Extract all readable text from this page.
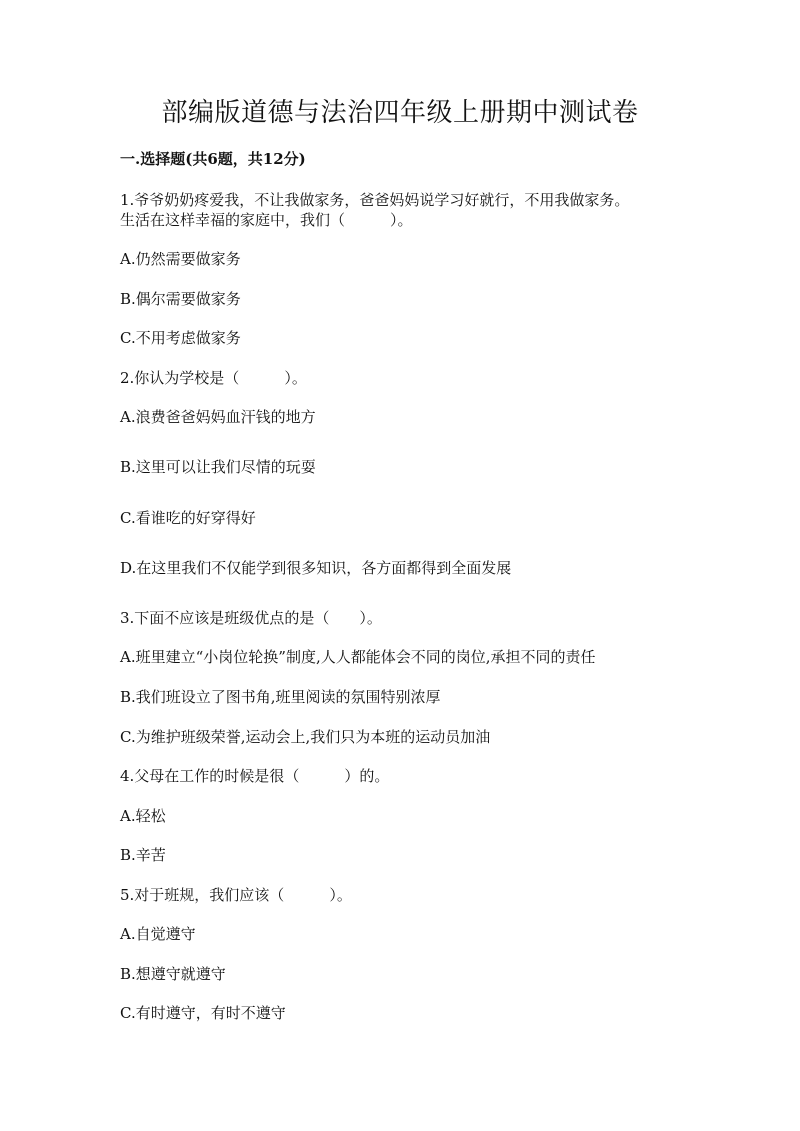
部编版道德与法治四年级上册期中测试卷
一.选择题(共6题，共12分)
1.爷爷奶奶疼爱我，不让我做家务，爸爸妈妈说学习好就行，不用我做家务。
生活在这样幸福的家庭中，我们（　　　）。
A.仍然需要做家务
B.偶尔需要做家务
C.不用考虑做家务
2.你认为学校是（　　　）。
A.浪费爸爸妈妈血汗钱的地方
B.这里可以让我们尽情的玩耍
C.看谁吃的好穿得好
D.在这里我们不仅能学到很多知识，各方面都得到全面发展
3.下面不应该是班级优点的是（　　）。
A.班里建立“小岗位轮换”制度,人人都能体会不同的岗位,承担不同的责任
B.我们班设立了图书角,班里阅读的氛围特别浓厚
C.为维护班级荣誉,运动会上,我们只为本班的运动员加油
4.父母在工作的时候是很（　　　）的。
A.轻松
B.辛苦
5.对于班规，我们应该（　　　）。
A.自觉遵守
B.想遵守就遵守
C.有时遵守，有时不遵守
